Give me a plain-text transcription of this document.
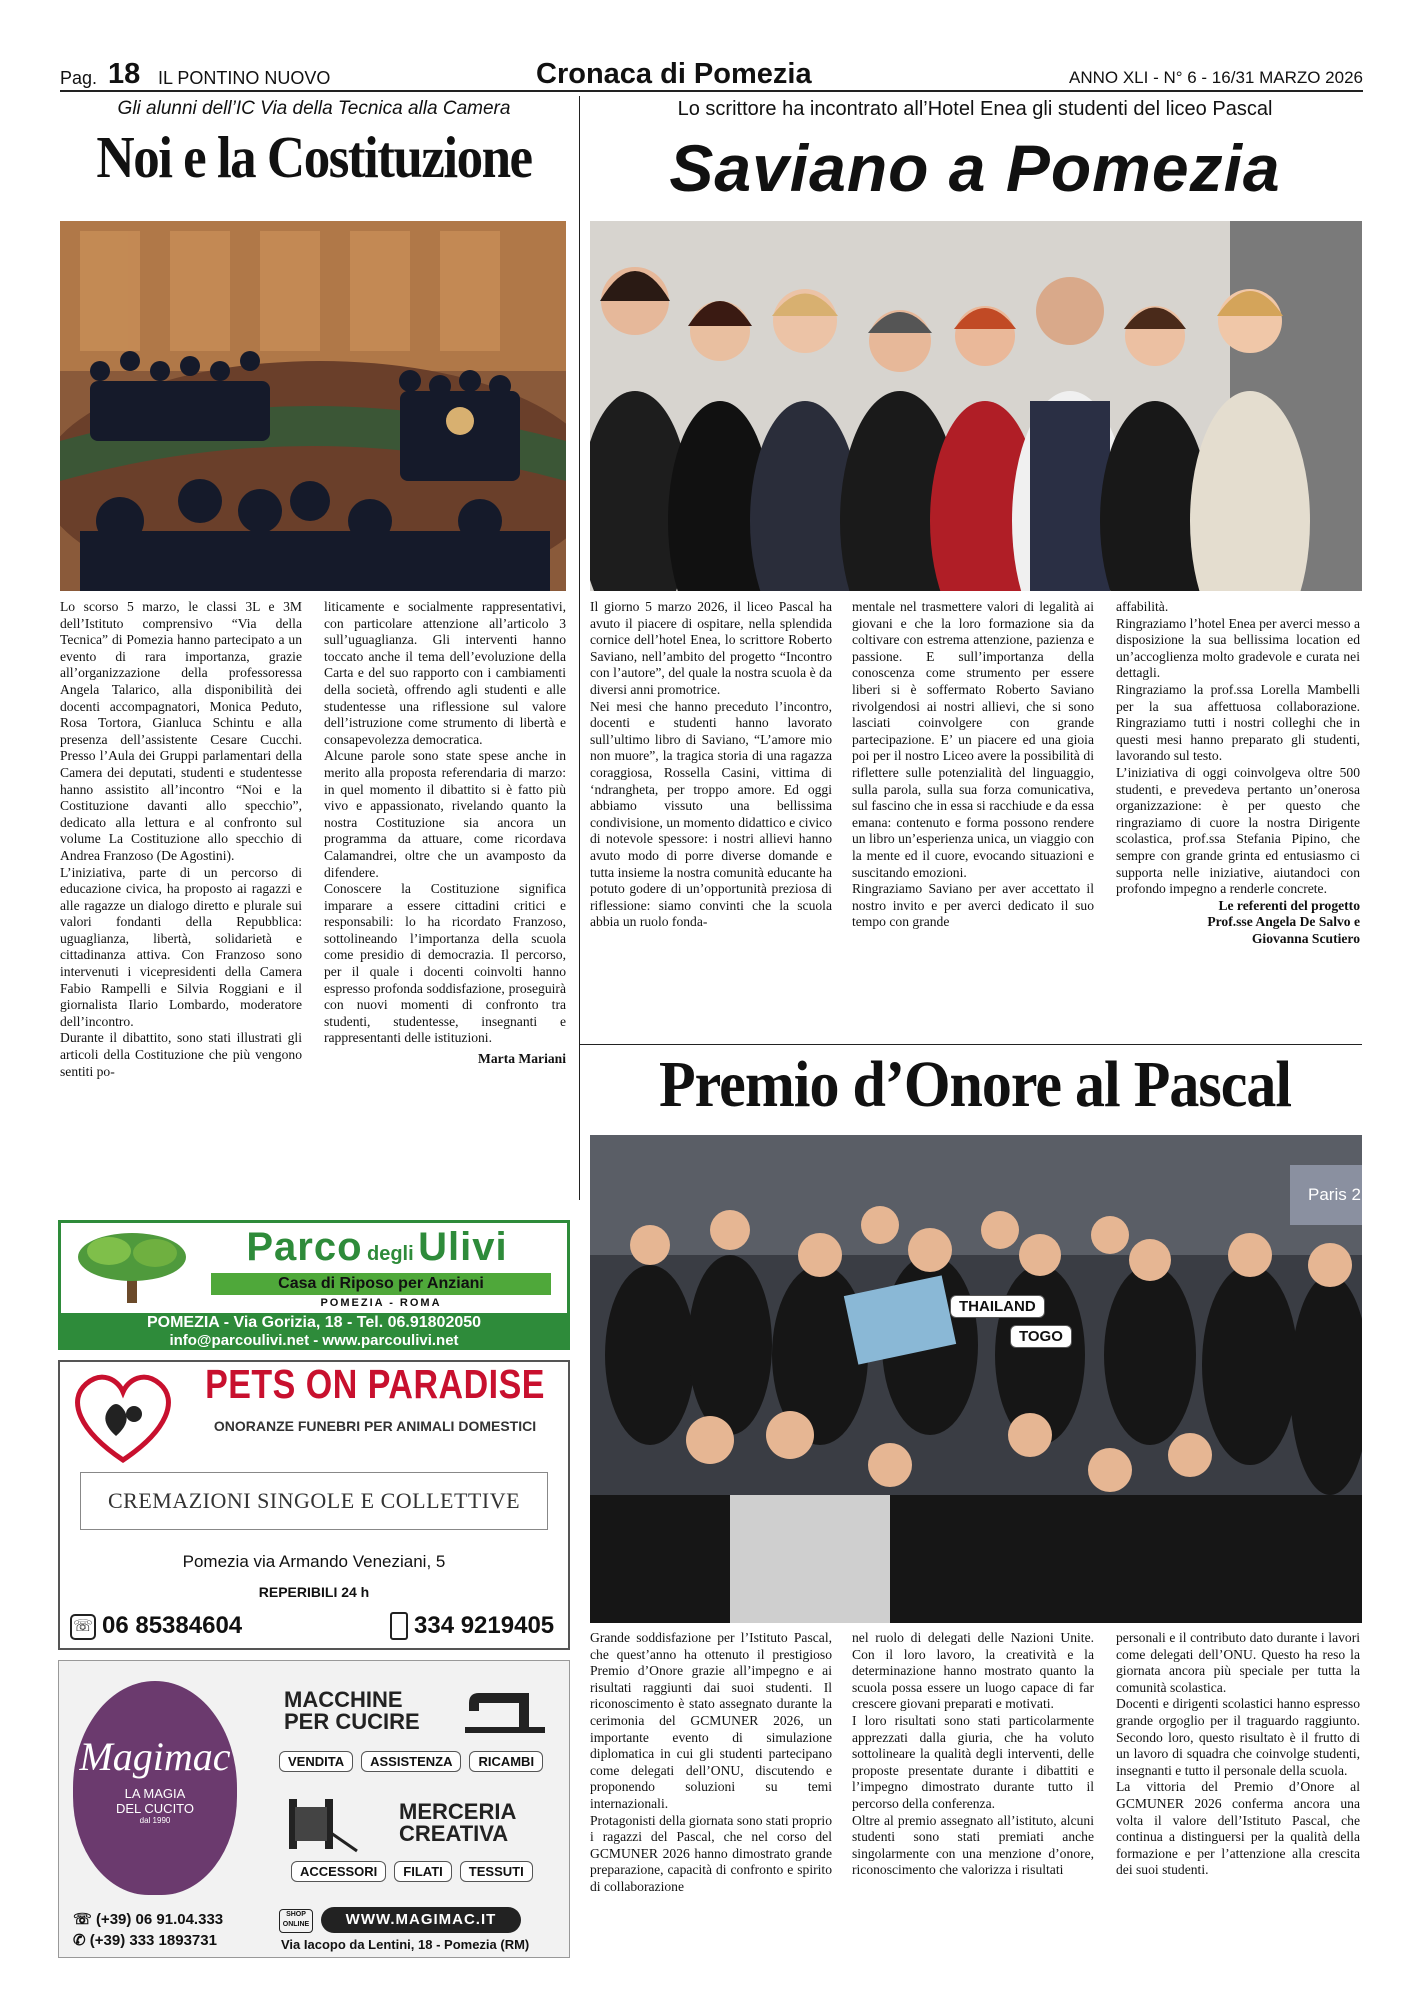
Pag. 18 IL PONTINO NUOVO	Cronaca di Pomezia	ANNO XLI - N° 6 - 16/31 MARZO 2026
Gli alunni dell’IC Via della Tecnica alla Camera
Noi e la Costituzione

Lo scorso 5 marzo, le classi 3L e 3M dell’Istituto comprensivo “Via della Tecnica” di Pomezia hanno partecipato a un evento di rara importanza, grazie all’organizzazione della professoressa Angela Talarico, alla disponibilità dei docenti accompagnatori, Monica Peduto, Rosa Tortora, Gianluca Schintu e alla presenza dell’assistente Cesare Cucchi. Presso l’Aula dei Gruppi parlamentari della Camera dei deputati, studenti e studentesse hanno assistito all’incontro “Noi e la Costituzione davanti allo specchio”, dedicato alla lettura e al confronto sul volume La Costituzione allo specchio di Andrea Franzoso (De Agostini).

L’iniziativa, parte di un percorso di educazione civica, ha proposto ai ragazzi e alle ragazze un dialogo diretto e plurale sui valori fondanti della Repubblica: uguaglianza, libertà, solidarietà e cittadinanza attiva. Con Franzoso sono intervenuti i vicepresidenti della Camera Fabio Rampelli e Silvia Roggiani e il giornalista Ilario Lombardo, moderatore dell’incontro.

Durante il dibattito, sono stati illustrati gli articoli della Costituzione che più vengono sentiti po-

liticamente e socialmente rappresentativi, con particolare attenzione all’articolo 3 sull’uguaglianza. Gli interventi hanno toccato anche il tema dell’evoluzione della Carta e del suo rapporto con i cambiamenti della società, offrendo agli studenti e alle studentesse una riflessione sul valore dell’istruzione come strumento di libertà e consapevolezza democratica.

Alcune parole sono state spese anche in merito alla proposta referendaria di marzo: in quel momento il dibattito si è fatto più vivo e appassionato, rivelando quanto la nostra Costituzione sia ancora un programma da attuare, come ricordava Calamandrei, oltre che un avamposto da difendere.

Conoscere la Costituzione significa imparare a essere cittadini critici e responsabili: lo ha ricordato Franzoso, sottolineando l’importanza della scuola come presidio di democrazia. Il percorso, per il quale i docenti coinvolti hanno espresso profonda soddisfazione, proseguirà con nuovi momenti di confronto tra studenti, studentesse, insegnanti e rappresentanti delle istituzioni.

Marta Mariani
Lo scrittore ha incontrato all’Hotel Enea gli studenti del liceo Pascal
Saviano a Pomezia

Il giorno 5 marzo 2026, il liceo Pascal ha avuto il piacere di ospitare, nella splendida cornice dell’hotel Enea, lo scrittore Roberto Saviano, nell’ambito del progetto “Incontro con l’autore”, del quale la nostra scuola è da diversi anni promotrice.

Nei mesi che hanno preceduto l’incontro, docenti e studenti hanno lavorato sull’ultimo libro di Saviano, “L’amore mio non muore”, la tragica storia di una ragazza coraggiosa, Rossella Casini, vittima di ‘ndrangheta, per troppo amore. Ed oggi abbiamo vissuto una bellissima condivisione, un momento didattico e civico di notevole spessore: i nostri allievi hanno avuto modo di porre diverse domande e tutta insieme la nostra comunità educante ha potuto godere di un’opportunità preziosa di riflessione: siamo convinti che la scuola abbia un ruolo fonda-

mentale nel trasmettere valori di legalità ai giovani e che la loro formazione sia da coltivare con estrema attenzione, pazienza e passione. E sull’importanza della conoscenza come strumento per essere liberi si è soffermato Roberto Saviano rivolgendosi ai nostri allievi, che si sono lasciati coinvolgere con grande partecipazione. E’ un piacere ed una gioia poi per il nostro Liceo avere la possibilità di riflettere sulle potenzialità del linguaggio, sulla parola, sulla sua forza comunicativa, sul fascino che in essa si racchiude e da essa emana: contenuto e forma possono rendere un libro un’esperienza unica, un viaggio con la mente ed il cuore, evocando situazioni e suscitando emozioni.

Ringraziamo Saviano per aver accettato il nostro invito e per averci dedicato il suo tempo con grande

affabilità.

Ringraziamo l’hotel Enea per averci messo a disposizione la sua bellissima location ed un’accoglienza molto gradevole e curata nei dettagli.

Ringraziamo la prof.ssa Lorella Mambelli per la sua affettuosa collaborazione. Ringraziamo tutti i nostri colleghi che in questi mesi hanno preparato gli studenti, lavorando sul testo.

L’iniziativa di oggi coinvolgeva oltre 500 studenti, e prevedeva pertanto un’onerosa organizzazione: è per questo che ringraziamo di cuore la nostra Dirigente scolastica, prof.ssa Stefania Pipino, che sempre con grande grinta ed entusiasmo ci supporta nelle iniziative, aiutandoci con profondo impegno a renderle concrete.

Le referenti del progetto
Prof.sse Angela De Salvo e
Giovanna Scutiero
Premio d’Onore al Pascal
THAILAND
TOGO
Paris 2

Grande soddisfazione per l’Istituto Pascal, che quest’anno ha ottenuto il prestigioso Premio d’Onore grazie all’impegno e ai risultati raggiunti dai suoi studenti. Il riconoscimento è stato assegnato durante la cerimonia del GCMUNER 2026, un importante evento di simulazione diplomatica in cui gli studenti partecipano come delegati dell’ONU, discutendo e proponendo soluzioni su temi internazionali.

Protagonisti della giornata sono stati proprio i ragazzi del Pascal, che nel corso del GCMUNER 2026 hanno dimostrato grande preparazione, capacità di confronto e spirito di collaborazione

nel ruolo di delegati delle Nazioni Unite. Con il loro lavoro, la creatività e la determinazione hanno mostrato quanto la scuola possa essere un luogo capace di far crescere giovani preparati e motivati.

I loro risultati sono stati particolarmente apprezzati dalla giuria, che ha voluto sottolineare la qualità degli interventi, delle proposte presentate durante i dibattiti e l’impegno dimostrato durante tutto il percorso della conferenza.

Oltre al premio assegnato all’istituto, alcuni studenti sono stati premiati anche singolarmente con una menzione d’onore, riconoscimento che valorizza i risultati

personali e il contributo dato durante i lavori come delegati dell’ONU. Questo ha reso la giornata ancora più speciale per tutta la comunità scolastica.

Docenti e dirigenti scolastici hanno espresso grande orgoglio per il traguardo raggiunto. Secondo loro, questo risultato è il frutto di un lavoro di squadra che coinvolge studenti, insegnanti e tutto il personale della scuola.

La vittoria del Premio d’Onore al GCMUNER 2026 conferma ancora una volta il valore dell’Istituto Pascal, che continua a distinguersi per la qualità della formazione e per l’attenzione alla crescita dei suoi studenti.

Parco degli Ulivi
Casa di Riposo per Anziani
POMEZIA - ROMA
POMEZIA - Via Gorizia, 18 - Tel. 06.91802050
info@parcoulivi.net - www.parcoulivi.net
PETS ON PARADISE
ONORANZE FUNEBRI PER ANIMALI DOMESTICI
CREMAZIONI SINGOLE E COLLETTIVE
Pomezia via Armando Veneziani, 5
REPERIBILI 24 h
☏ 06 85384604	334 9219405
Magimac
LA MAGIA
DEL CUCITO
dal 1990
MACCHINE
PER CUCIRE
VENDITA	ASSISTENZA	RICAMBI
MERCERIA
CREATIVA
ACCESSORI	FILATI	TESSUTI
☏ (+39) 06 91.04.333
✆ (+39) 333 1893731
SHOP
ONLINE	WWW.MAGIMAC.IT
Via Iacopo da Lentini, 18 - Pomezia (RM)
